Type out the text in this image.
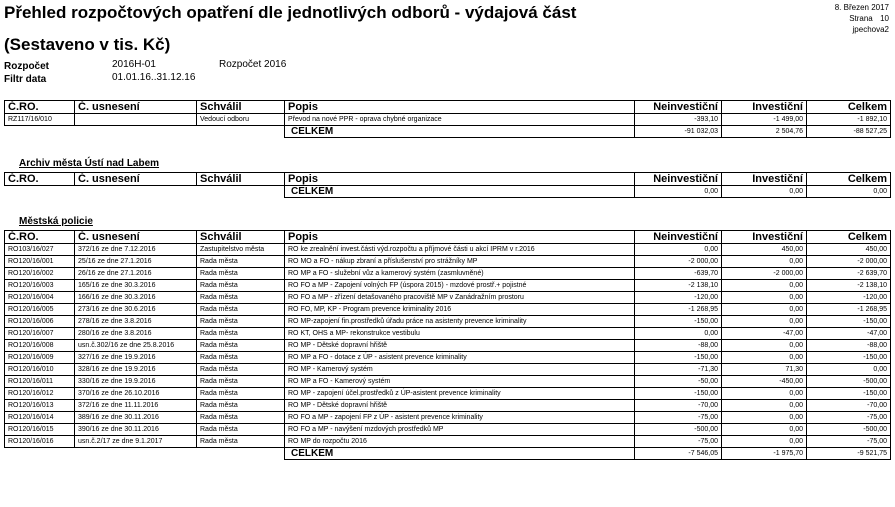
Přehled rozpočtových opatření dle jednotlivých odborů - výdajová část
(Sestaveno v tis. Kč)
8. Březen 2017
Strana 10
jpechova2
Rozpočet	2016H-01	Rozpočet 2016
Filtr data	01.01.16..31.12.16
Č.RO.	Č. usnesení	Schválil	Popis	Neinvestiční	Investiční	Celkem
RZ117/16/010		Vedoucí odboru	Převod na nové PPR - oprava chybné organizace	-393,10	-1 499,00	-1 892,10
			CELKEM	-91 032,03	2 504,76	-88 527,25
Archiv města Ústí nad Labem
Č.RO.	Č. usnesení	Schválil	Popis	Neinvestiční	Investiční	Celkem
			CELKEM	0,00	0,00	0,00
Městská policie
Č.RO.	Č. usnesení	Schválil	Popis	Neinvestiční	Investiční	Celkem
RO103/16/027	372/16 ze dne 7.12.2016	Zastupitelstvo města	RO ke zrealnění invest.části výd.rozpočtu a příjmové části u akcí IPRM v r.2016	0,00	450,00	450,00
RO120/16/001	25/16 ze dne 27.1.2016	Rada města	RO MO a FO - nákup zbraní a příslušenství pro strážníky MP	-2 000,00	0,00	-2 000,00
RO120/16/002	26/16 ze dne 27.1.2016	Rada města	RO MP a FO - služební vůz a kamerový systém (zasmluvněné)	-639,70	-2 000,00	-2 639,70
RO120/16/003	165/16 ze dne 30.3.2016	Rada města	RO FO a MP - Zapojení volných FP (úspora 2015) - mzdové prostř.+ pojistné	-2 138,10	0,00	-2 138,10
RO120/16/004	166/16 ze dne 30.3.2016	Rada města	RO FO a MP - zřízení detašovaného pracoviště MP v Zanádražním prostoru	-120,00	0,00	-120,00
RO120/16/005	273/16 ze dne 30.6.2016	Rada města	RO FO, MP, KP - Program prevence kriminality 2016	-1 268,95	0,00	-1 268,95
RO120/16/006	278/16 ze dne 3.8.2016	Rada města	RO MP-zapojení fin.prostředků úřadu práce na asistenty prevence kriminality	-150,00	0,00	-150,00
RO120/16/007	280/16 ze dne 3.8.2016	Rada města	RO KT, OHS a MP- rekonstrukce vestibulu	0,00	-47,00	-47,00
RO120/16/008	usn.č.302/16 ze dne 25.8.2016	Rada města	RO MP - Dětské dopravní hřiště	-88,00	0,00	-88,00
RO120/16/009	327/16 ze dne 19.9.2016	Rada města	RO MP a FO - dotace z ÚP - asistent prevence kriminality	-150,00	0,00	-150,00
RO120/16/010	328/16 ze dne 19.9.2016	Rada města	RO MP - Kamerový systém	-71,30	71,30	0,00
RO120/16/011	330/16 ze dne 19.9.2016	Rada města	RO MP a FO - Kamerový systém	-50,00	-450,00	-500,00
RO120/16/012	370/16 ze dne 26.10.2016	Rada města	RO MP - zapojení účel.prostředků z ÚP-asistent prevence kriminality	-150,00	0,00	-150,00
RO120/16/013	372/16 ze dne 11.11.2016	Rada města	RO MP - Dětské dopravní hřiště	-70,00	0,00	-70,00
RO120/16/014	389/16 ze dne 30.11.2016	Rada města	RO FO a MP - zapojení FP z ÚP - asistent prevence kriminality	-75,00	0,00	-75,00
RO120/16/015	390/16 ze dne 30.11.2016	Rada města	RO FO a MP - navýšení mzdových prostředků MP	-500,00	0,00	-500,00
RO120/16/016	usn.č.2/17 ze dne 9.1.2017	Rada města	RO MP do rozpočtu 2016	-75,00	0,00	-75,00
			CELKEM	-7 546,05	-1 975,70	-9 521,75
